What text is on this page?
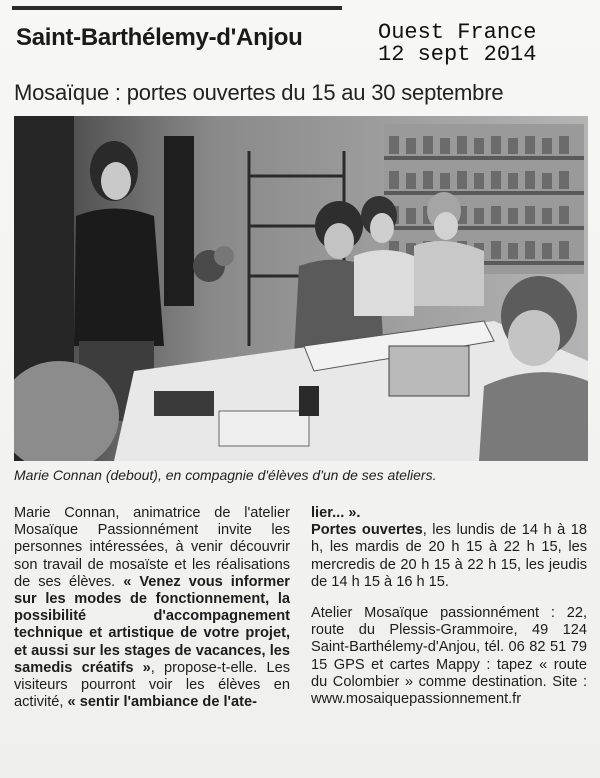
Saint-Barthélemy-d'Anjou	Ouest France
12 sept 2014
Mosaïque : portes ouvertes du 15 au 30 septembre
Marie Connan (debout), en compagnie d'élèves d'un de ses ateliers.

Marie Connan, animatrice de l'atelier Mosaïque Passionnément invite les personnes intéressées, à venir découvrir son travail de mosaïste et les réalisations de ses élèves. « Venez vous informer sur les modes de fonctionnement, la possibilité d'accompagnement technique et artistique de votre projet, et aussi sur les stages de vacances, les samedis créatifs », propose-t-elle. Les visiteurs pourront voir les élèves en activité, « sentir l'ambiance de l'ate-

lier... ».

Portes ouvertes, les lundis de 14 h à 18 h, les mardis de 20 h 15 à 22 h 15, les mercredis de 20 h 15 à 22 h 15, les jeudis de 14 h 15 à 16 h 15.

Atelier Mosaïque passionnément : 22, route du Plessis-Grammoire, 49 124 Saint-Barthélemy-d'Anjou, tél. 06 82 51 79 15 GPS et cartes Mappy : tapez « route du Colombier » comme destination. Site : www.mosaiquepassionnement.fr
